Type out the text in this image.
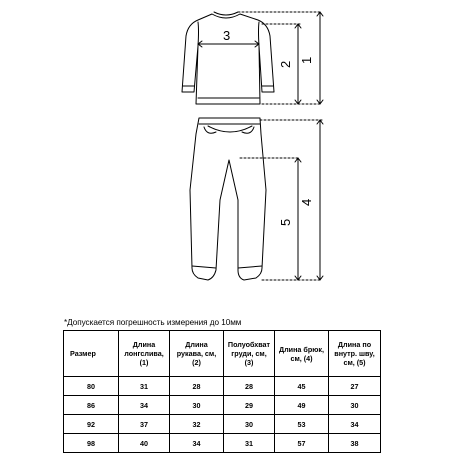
3
2
1
5
4
*Допускается погрешность измерения до 10мм
Размер	Длина лонгслива, (1)	Длина рукава, см, (2)	Полуобхват груди, см, (3)	Длина брюк, см, (4)	Длина по внутр. шву, см, (5)
80	31	28	28	45	27
86	34	30	29	49	30
92	37	32	30	53	34
98	40	34	31	57	38
